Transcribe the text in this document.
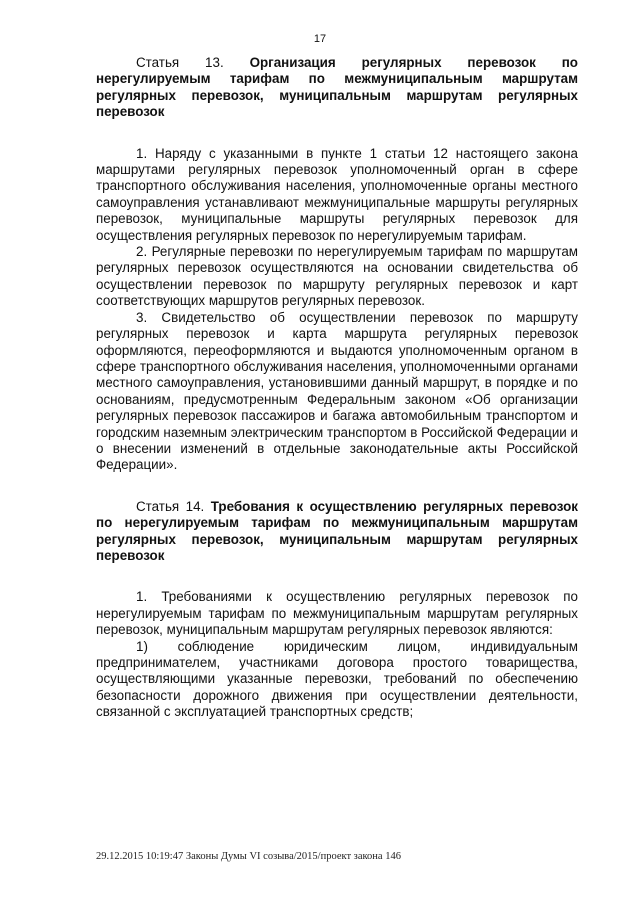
17

Статья 13. Организация регулярных перевозок по нерегулируемым тарифам по межмуниципальным маршрутам регулярных перевозок, муниципальным маршрутам регулярных перевозок

1. Наряду с указанными в пункте 1 статьи 12 настоящего закона маршрутами регулярных перевозок уполномоченный орган в сфере транспортного обслуживания населения, уполномоченные органы местного самоуправления устанавливают межмуниципальные маршруты регулярных перевозок, муниципальные маршруты регулярных перевозок для осуществления регулярных перевозок по нерегулируемым тарифам.

2. Регулярные перевозки по нерегулируемым тарифам по маршрутам регулярных перевозок осуществляются на основании свидетельства об осуществлении перевозок по маршруту регулярных перевозок и карт соответствующих маршрутов регулярных перевозок.

3. Свидетельство об осуществлении перевозок по маршруту регулярных перевозок и карта маршрута регулярных перевозок оформляются, переоформляются и выдаются уполномоченным органом в сфере транспортного обслуживания населения, уполномоченными органами местного самоуправления, установившими данный маршрут, в порядке и по основаниям, предусмотренным Федеральным законом «Об организации регулярных перевозок пассажиров и багажа автомобильным транспортом и городским наземным электрическим транспортом в Российской Федерации и о внесении изменений в отдельные законодательные акты Российской Федерации».

Статья 14. Требования к осуществлению регулярных перевозок по нерегулируемым тарифам по межмуниципальным маршрутам регулярных перевозок, муниципальным маршрутам регулярных перевозок

1. Требованиями к осуществлению регулярных перевозок по нерегулируемым тарифам по межмуниципальным маршрутам регулярных перевозок, муниципальным маршрутам регулярных перевозок являются:

1) соблюдение юридическим лицом, индивидуальным предпринимателем, участниками договора простого товарищества, осуществляющими указанные перевозки, требований по обеспечению безопасности дорожного движения при осуществлении деятельности, связанной с эксплуатацией транспортных средств;

29.12.2015 10:19:47 Законы Думы VI созыва/2015/проект закона 146
